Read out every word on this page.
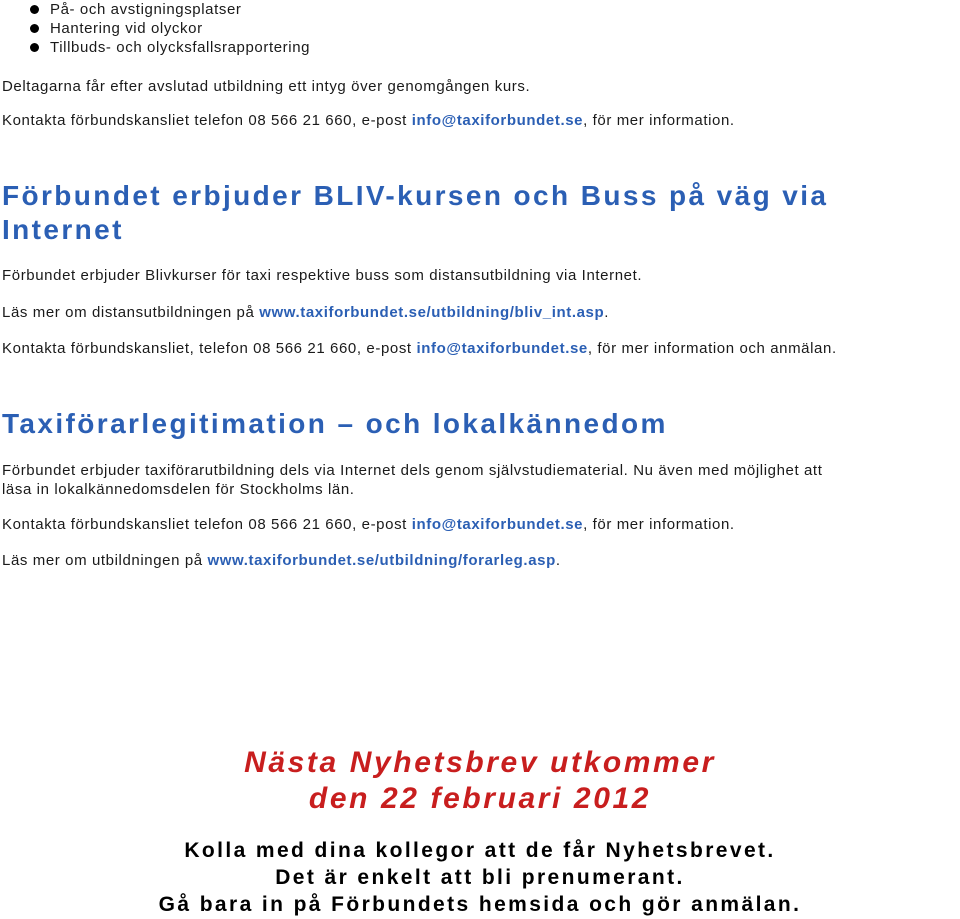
På- och avstigningsplatser
Hantering vid olyckor
Tillbuds- och olycksfallsrapportering

Deltagarna får efter avslutad utbildning ett intyg över genomgången kurs.

Kontakta förbundskansliet telefon 08 566 21 660, e-post info@taxiforbundet.se, för mer information.

Förbundet erbjuder BLIV-kursen och Buss på väg via Internet

Förbundet erbjuder Blivkurser för taxi respektive buss som distansutbildning via Internet.

Läs mer om distansutbildningen på www.taxiforbundet.se/utbildning/bliv_int.asp.

Kontakta förbundskansliet, telefon 08 566 21 660, e-post info@taxiforbundet.se, för mer information och anmälan.

Taxiförarlegitimation – och lokalkännedom

Förbundet erbjuder taxiförarutbildning dels via Internet dels genom självstudiematerial. Nu även med möjlighet att

läsa in lokalkännedomsdelen för Stockholms län.

Kontakta förbundskansliet telefon 08 566 21 660, e-post info@taxiforbundet.se, för mer information.

Läs mer om utbildningen på www.taxiforbundet.se/utbildning/forarleg.asp.

Nästa Nyhetsbrev utkommer

den 22 februari 2012

Kolla med dina kollegor att de får Nyhetsbrevet.

Det är enkelt att bli prenumerant.

Gå bara in på Förbundets hemsida och gör anmälan.
